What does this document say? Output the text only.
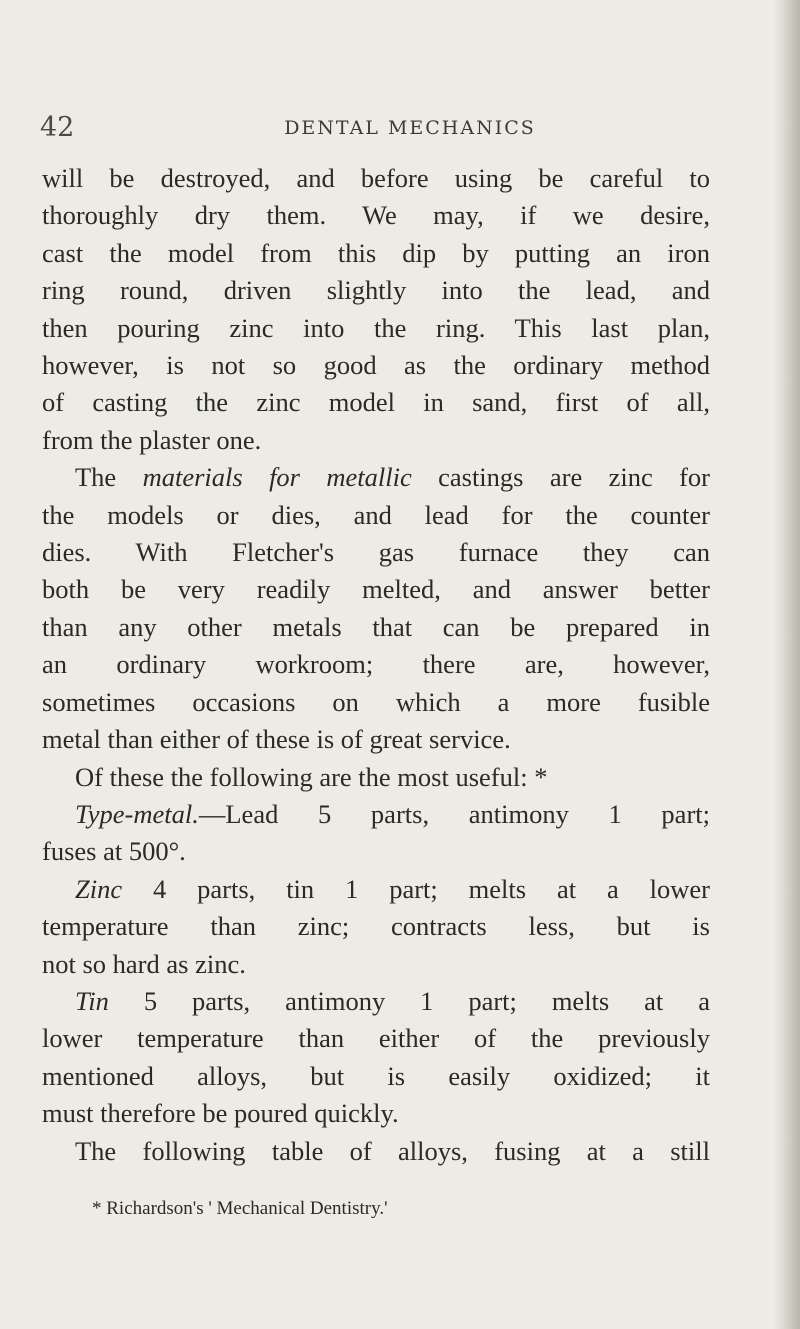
42	DENTAL MECHANICS

will be destroyed, and before using be careful to

thoroughly dry them. We may, if we desire,

cast the model from this dip by putting an iron

ring round, driven slightly into the lead, and

then pouring zinc into the ring. This last plan,

however, is not so good as the ordinary method

of casting the zinc model in sand, first of all,

from the plaster one.

The materials for metallic castings are zinc for

the models or dies, and lead for the counter

dies. With Fletcher's gas furnace they can

both be very readily melted, and answer better

than any other metals that can be prepared in

an ordinary workroom; there are, however,

sometimes occasions on which a more fusible

metal than either of these is of great service.

Of these the following are the most useful: *

Type-metal.—Lead 5 parts, antimony 1 part;

fuses at 500°.

Zinc 4 parts, tin 1 part; melts at a lower

temperature than zinc; contracts less, but is

not so hard as zinc.

Tin 5 parts, antimony 1 part; melts at a

lower temperature than either of the previously

mentioned alloys, but is easily oxidized; it

must therefore be poured quickly.

The following table of alloys, fusing at a still

* Richardson's ' Mechanical Dentistry.'
